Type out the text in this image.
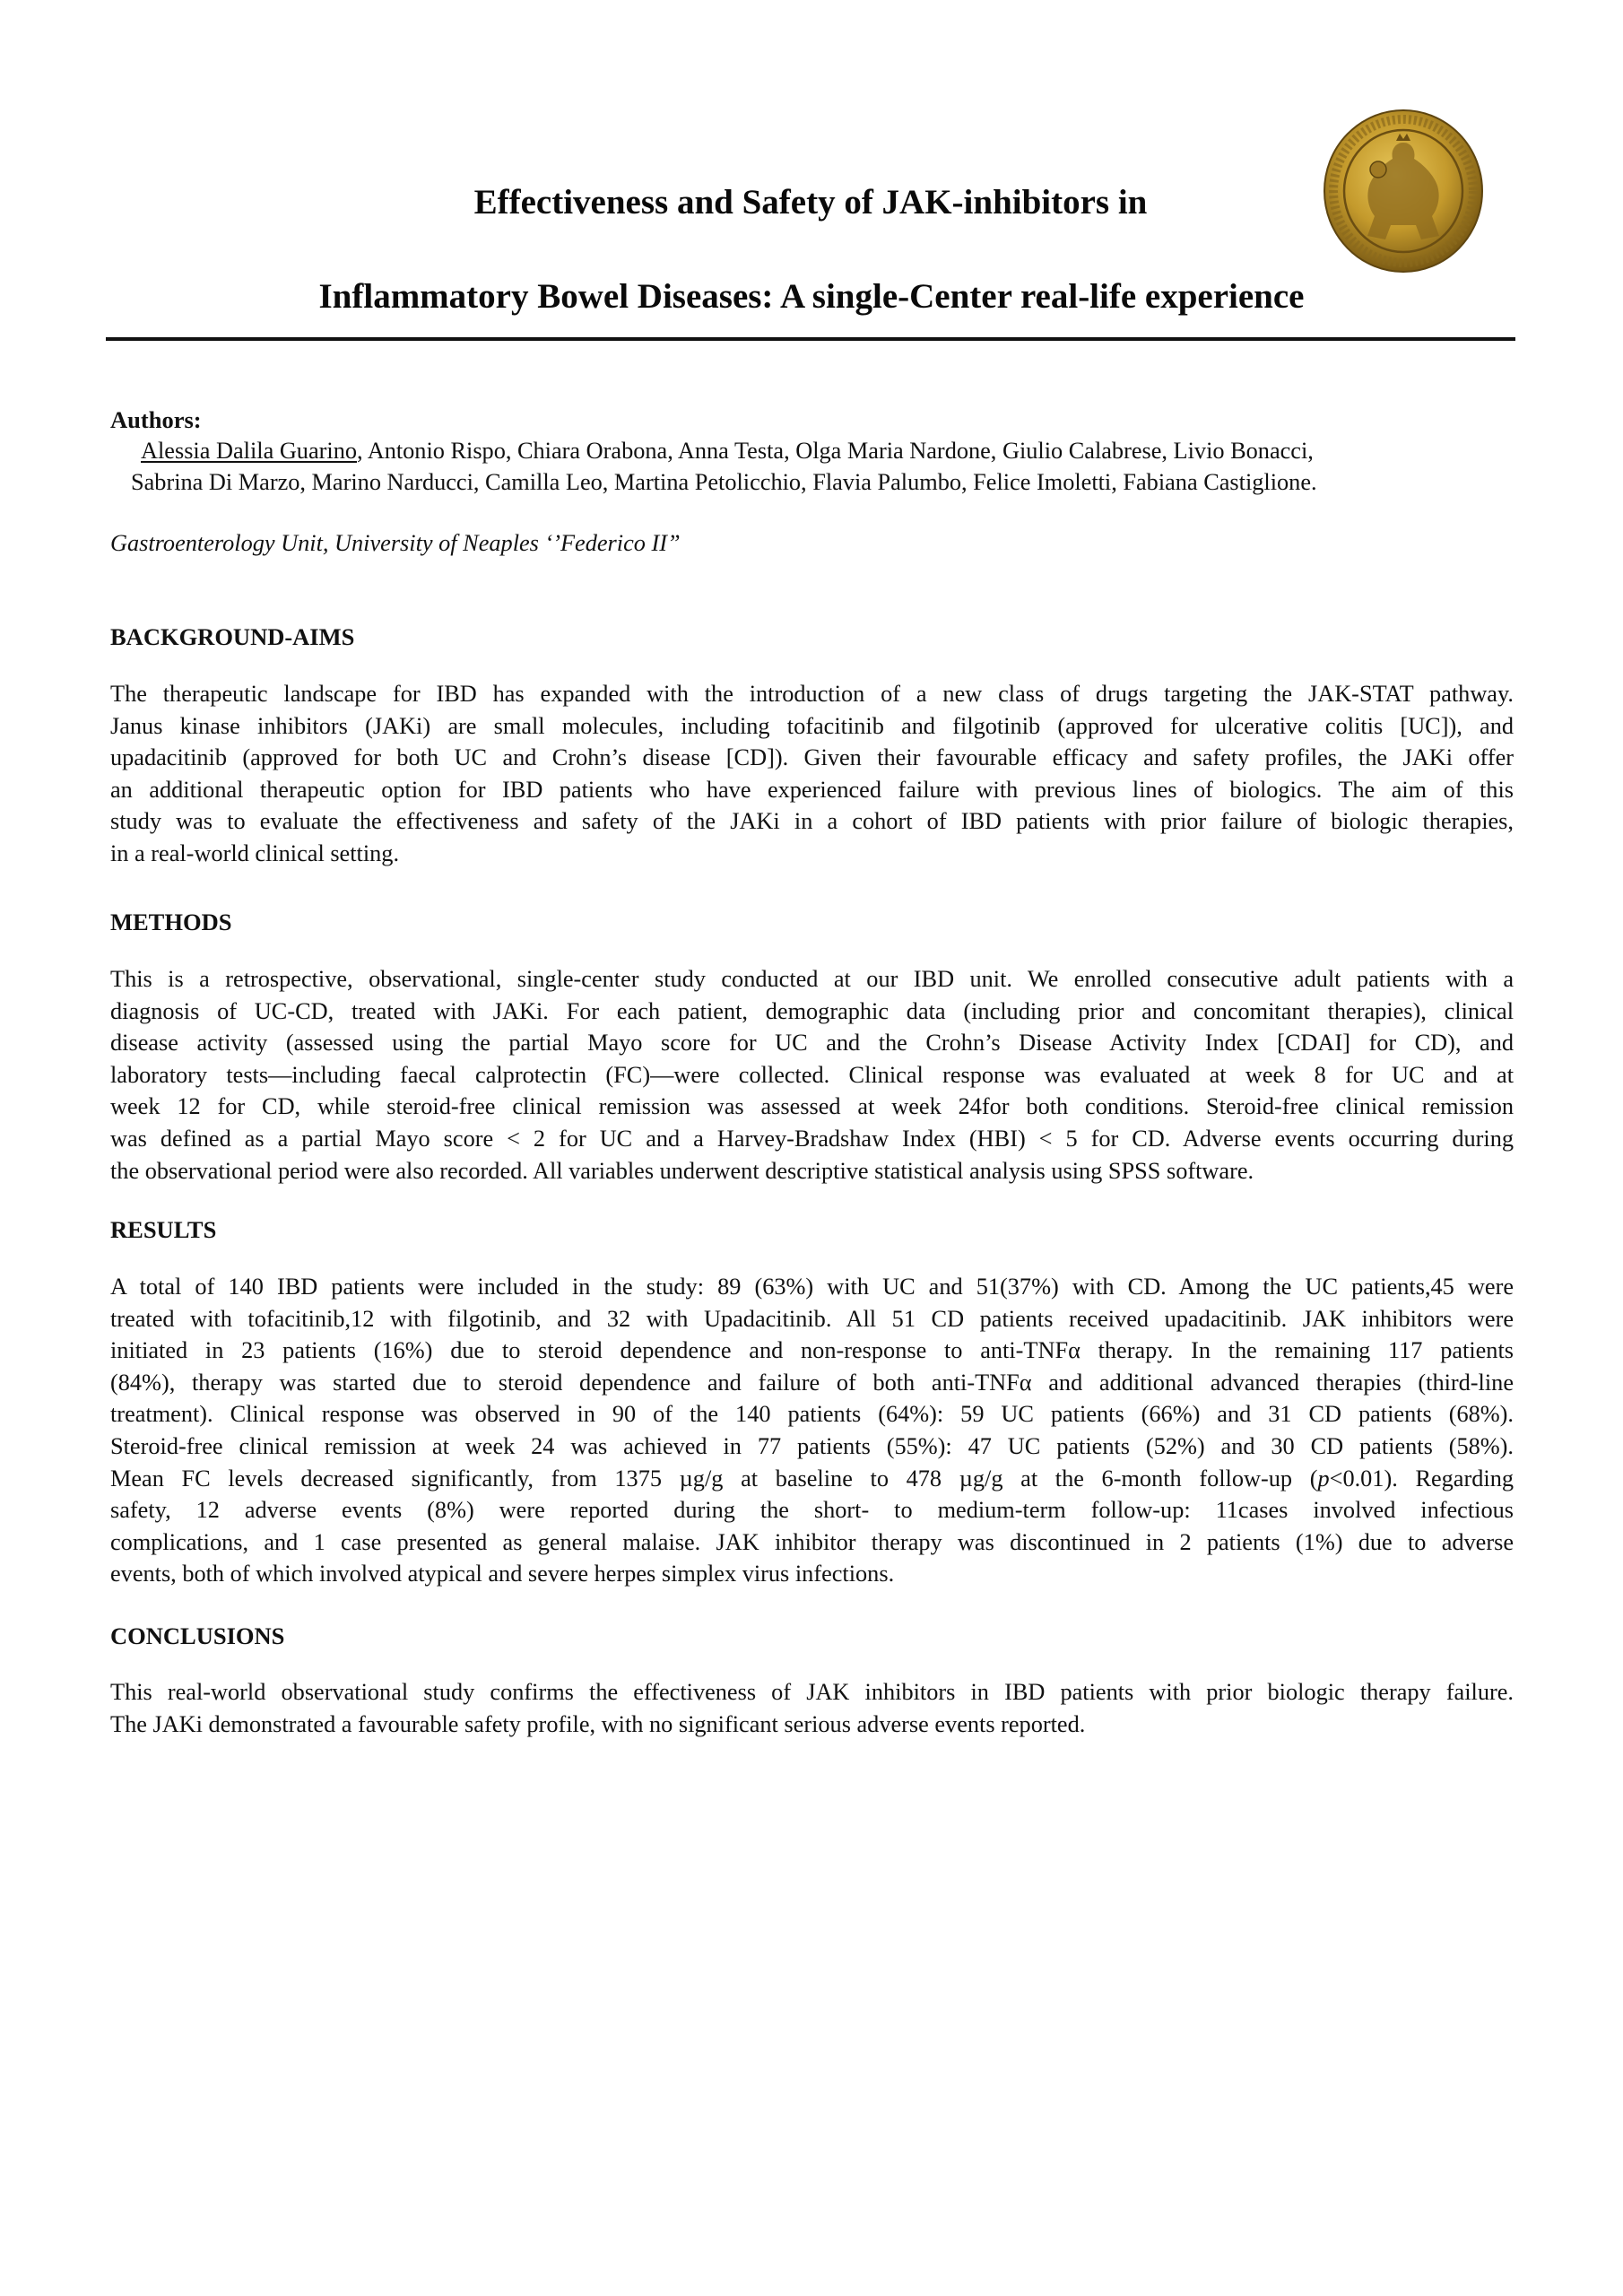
Effectiveness and Safety of JAK-inhibitors in
Inflammatory Bowel Diseases: A single-Center real-life experience
Authors:
Alessia Dalila Guarino, Antonio Rispo, Chiara Orabona, Anna Testa, Olga Maria Nardone, Giulio Calabrese, Livio Bonacci,
Sabrina Di Marzo, Marino Narducci, Camilla Leo, Martina Petolicchio, Flavia Palumbo, Felice Imoletti, Fabiana Castiglione.
Gastroenterology Unit, University of Neaples ‘’Federico II”
BACKGROUND-AIMS
The therapeutic landscape for IBD has expanded with the introduction of a new class of drugs targeting the JAK-STAT pathway.
Janus kinase inhibitors (JAKi) are small molecules, including tofacitinib and filgotinib (approved for ulcerative colitis [UC]), and
upadacitinib (approved for both UC and Crohn’s disease [CD]). Given their favourable efficacy and safety profiles, the JAKi offer
an additional therapeutic option for IBD patients who have experienced failure with previous lines of biologics. The aim of this
study was to evaluate the effectiveness and safety of the JAKi in a cohort of IBD patients with prior failure of biologic therapies,
in a real-world clinical setting.
METHODS
This is a retrospective, observational, single-center study conducted at our IBD unit. We enrolled consecutive adult patients with a
diagnosis of UC-CD, treated with JAKi. For each patient, demographic data (including prior and concomitant therapies), clinical
disease activity (assessed using the partial Mayo score for UC and the Crohn’s Disease Activity Index [CDAI] for CD), and
laboratory tests—including faecal calprotectin (FC)—were collected. Clinical response was evaluated at week 8 for UC and at
week 12 for CD, while steroid-free clinical remission was assessed at week 24for both conditions. Steroid-free clinical remission
was defined as a partial Mayo score < 2 for UC and a Harvey-Bradshaw Index (HBI) < 5 for CD. Adverse events occurring during
the observational period were also recorded. All variables underwent descriptive statistical analysis using SPSS software.
RESULTS
A total of 140 IBD patients were included in the study: 89 (63%) with UC and 51(37%) with CD. Among the UC patients,45 were
treated with tofacitinib,12 with filgotinib, and 32 with Upadacitinib. All 51 CD patients received upadacitinib. JAK inhibitors were
initiated in 23 patients (16%) due to steroid dependence and non-response to anti-TNFα therapy. In the remaining 117 patients
(84%), therapy was started due to steroid dependence and failure of both anti-TNFα and additional advanced therapies (third-line
treatment). Clinical response was observed in 90 of the 140 patients (64%): 59 UC patients (66%) and 31 CD patients (68%).
Steroid-free clinical remission at week 24 was achieved in 77 patients (55%): 47 UC patients (52%) and 30 CD patients (58%).
Mean FC levels decreased significantly, from 1375 µg/g at baseline to 478 µg/g at the 6-month follow-up (p<0.01). Regarding
safety, 12 adverse events (8%) were reported during the short- to medium-term follow-up: 11cases involved infectious
complications, and 1 case presented as general malaise. JAK inhibitor therapy was discontinued in 2 patients (1%) due to adverse
events, both of which involved atypical and severe herpes simplex virus infections.
CONCLUSIONS
This real-world observational study confirms the effectiveness of JAK inhibitors in IBD patients with prior biologic therapy failure.
The JAKi demonstrated a favourable safety profile, with no significant serious adverse events reported.
